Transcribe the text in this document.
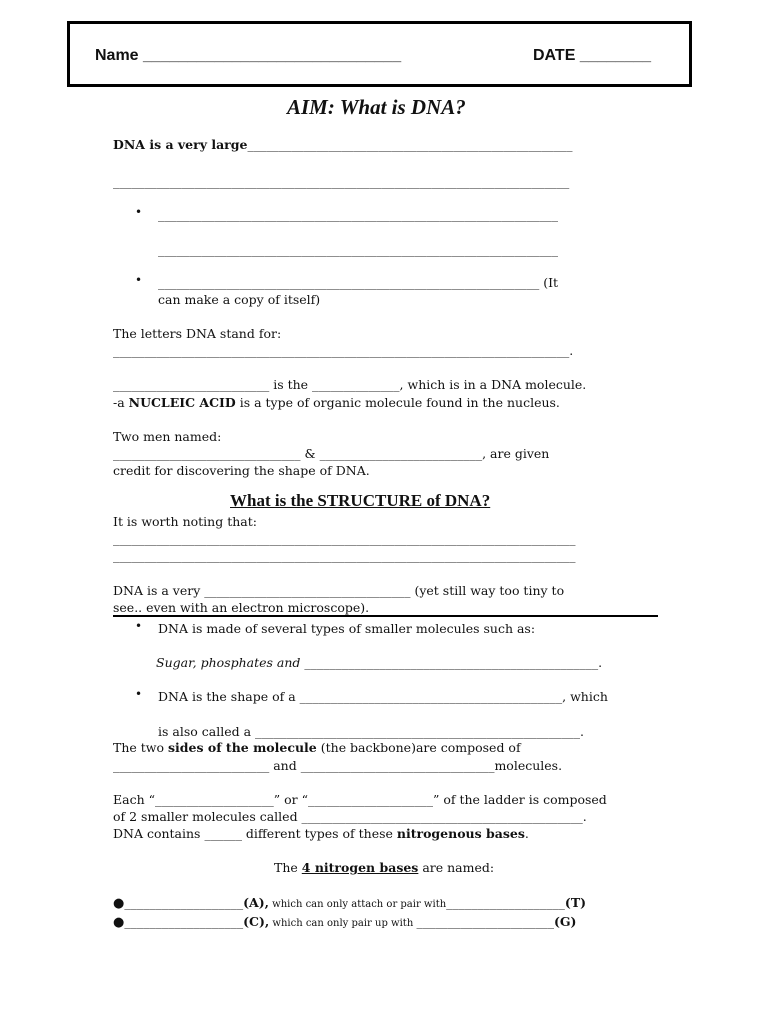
Name _____________________________	DATE ________
AIM: What is DNA?
DNA is a very large____________________________________________________
_________________________________________________________________________
• ________________________________________________________________
________________________________________________________________
• _____________________________________________________________ (It
can make a copy of itself)
The letters DNA stand for:
_________________________________________________________________________.
_________________________ is the ______________, which is in a DNA molecule.
-a NUCLEIC ACID is a type of organic molecule found in the nucleus.
Two men named:
______________________________ & __________________________, are given
credit for discovering the shape of DNA.
What is the STRUCTURE of DNA?
It is worth noting that:
__________________________________________________________________________
__________________________________________________________________________
DNA is a very _________________________________ (yet still way too tiny to
see.. even with an electron microscope).
• DNA is made of several types of smaller molecules such as:
Sugar, phosphates and _______________________________________________.
• DNA is the shape of a __________________________________________, which
is also called a ____________________________________________________.
The two sides of the molecule (the backbone)are composed of
_________________________ and _______________________________molecules.
Each “___________________” or “____________________” of the ladder is composed
of 2 smaller molecules called _____________________________________________.
DNA contains ______ different types of these nitrogenous bases.
The 4 nitrogen bases are named:
●___________________(A), which can only attach or pair with___________________(T)
●___________________(C), which can only pair up with ______________________(G)
